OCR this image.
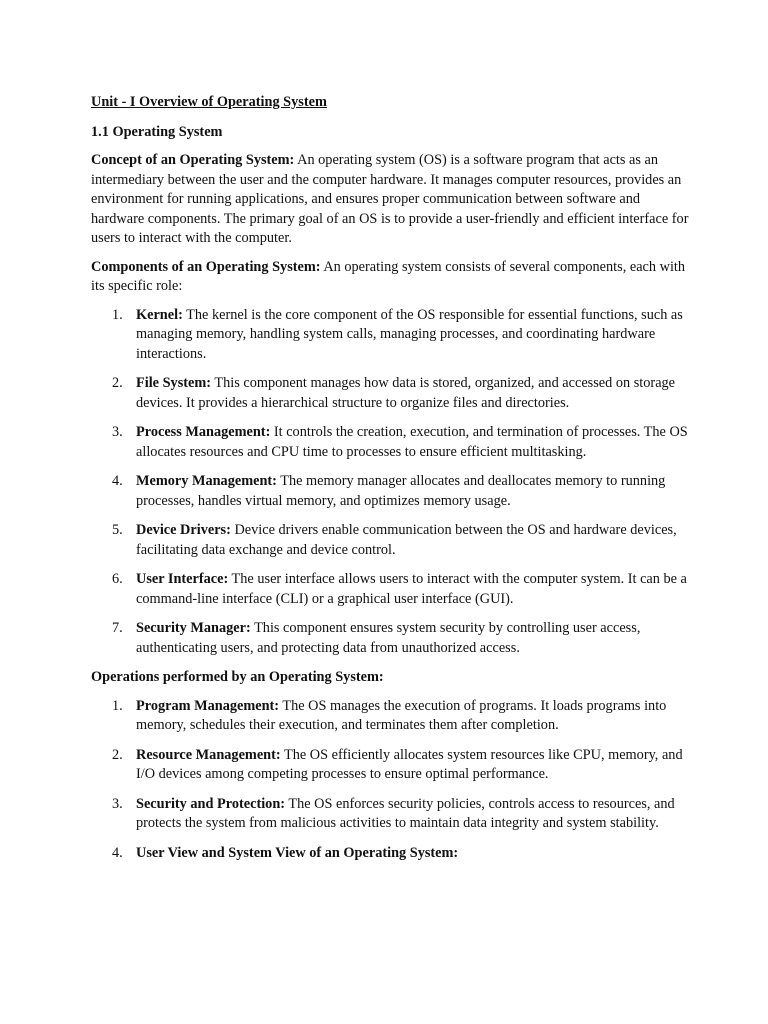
Unit - I Overview of Operating System
1.1 Operating System

Concept of an Operating System: An operating system (OS) is a software program that acts as an intermediary between the user and the computer hardware. It manages computer resources, provides an environment for running applications, and ensures proper communication between software and hardware components. The primary goal of an OS is to provide a user-friendly and efficient interface for users to interact with the computer.

Components of an Operating System: An operating system consists of several components, each with its specific role:

1. Kernel: The kernel is the core component of the OS responsible for essential functions, such as managing memory, handling system calls, managing processes, and coordinating hardware interactions.
2. File System: This component manages how data is stored, organized, and accessed on storage devices. It provides a hierarchical structure to organize files and directories.
3. Process Management: It controls the creation, execution, and termination of processes. The OS allocates resources and CPU time to processes to ensure efficient multitasking.
4. Memory Management: The memory manager allocates and deallocates memory to running processes, handles virtual memory, and optimizes memory usage.
5. Device Drivers: Device drivers enable communication between the OS and hardware devices, facilitating data exchange and device control.
6. User Interface: The user interface allows users to interact with the computer system. It can be a command-line interface (CLI) or a graphical user interface (GUI).
7. Security Manager: This component ensures system security by controlling user access, authenticating users, and protecting data from unauthorized access.

Operations performed by an Operating System:

1. Program Management: The OS manages the execution of programs. It loads programs into memory, schedules their execution, and terminates them after completion.
2. Resource Management: The OS efficiently allocates system resources like CPU, memory, and I/O devices among competing processes to ensure optimal performance.
3. Security and Protection: The OS enforces security policies, controls access to resources, and protects the system from malicious activities to maintain data integrity and system stability.
4. User View and System View of an Operating System:
